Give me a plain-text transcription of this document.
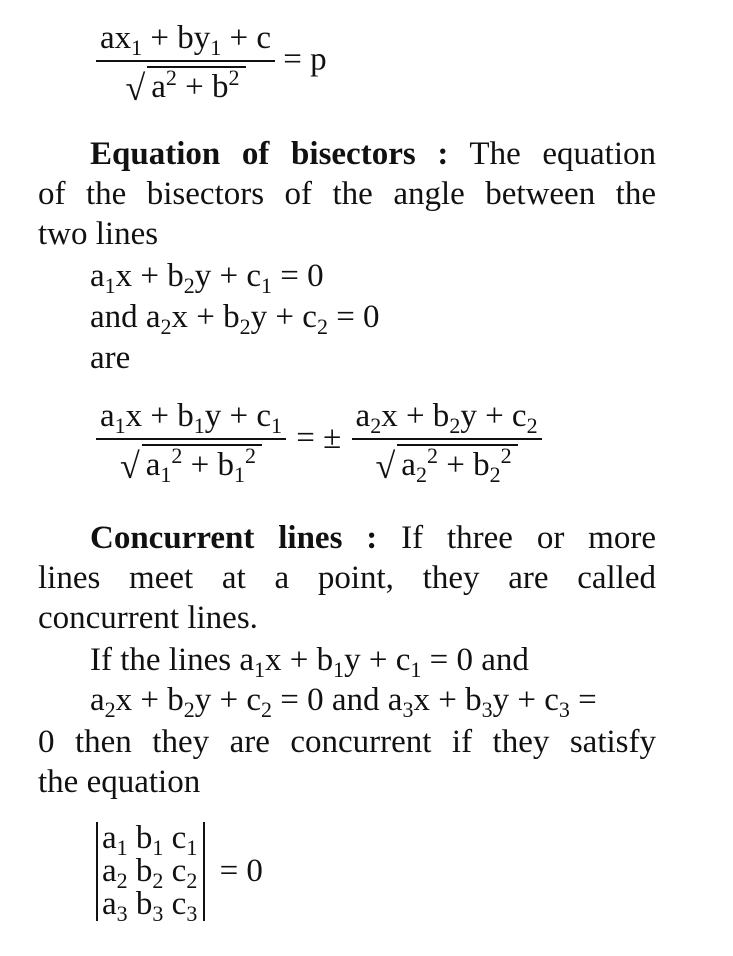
$\frac{ax_1 + by_1 + c}{√ a^2 + b^2} = p$
Equation of bisectors : The equation
of the bisectors of the angle between the
two lines
$a_1x + b_2y + c_1 = 0$
and $a_2x + b_2y + c_2 = 0$
are
$\frac{a_1x + b_1y + c_1}{√ a_1^2 + b_1^2}$ = ± $\frac{a_2x + b_2y + c_2}{√ a_2^2 + b_2^2}$
Concurrent lines : If three or more
lines meet at a point, they are called
concurrent lines.
If the lines $a_1x + b_1y + c_1 = 0$ and
$a_2x + b_2y + c_2 = 0$ and $a_3x + b_3y + c_3$ =
0 then they are concurrent if they satisfy
the equation
$a_1$ $b_1$ $c_1$
$a_2$ $b_2$ $c_2$
$a_3$ $b_3$ $c_3$
= 0
